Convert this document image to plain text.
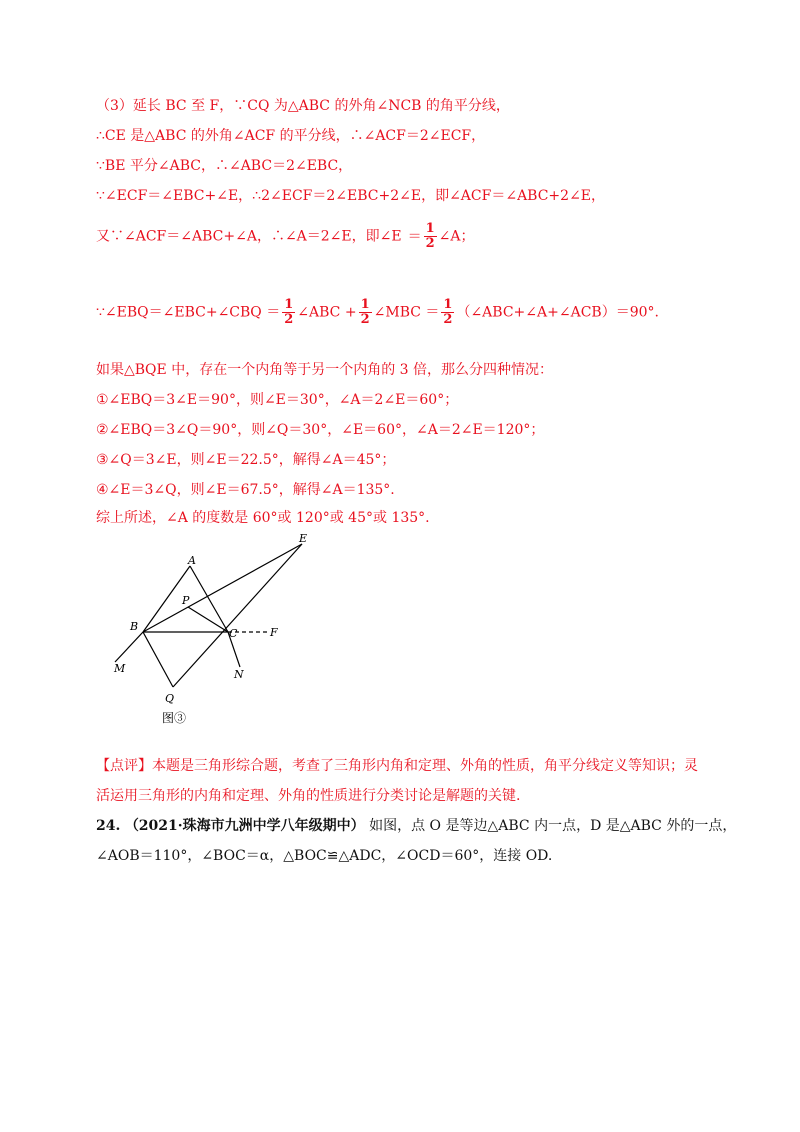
（3）延长 BC 至 F，∵CQ 为△ABC 的外角∠NCB 的角平分线，
∴CE 是△ABC 的外角∠ACF 的平分线，∴∠ACF＝2∠ECF，
∵BE 平分∠ABC，∴∠ABC＝2∠EBC，
∵∠ECF＝∠EBC+∠E，∴2∠ECF＝2∠EBC+2∠E，即∠ACF＝∠ABC+2∠E，
又∵∠ACF＝∠ABC+∠A，∴∠A＝2∠E，即∠E ＝ $\frac{1}{2}$ ∠A；
∵∠EBQ＝∠EBC+∠CBQ ＝ $\frac{1}{2}$ ∠ABC + $\frac{1}{2}$ ∠MBC ＝ $\frac{1}{2}$ （∠ABC+∠A+∠ACB）＝90°.
如果△BQE 中，存在一个内角等于另一个内角的 3 倍，那么分四种情况：
①∠EBQ＝3∠E＝90°，则∠E＝30°，∠A＝2∠E＝60°；
②∠EBQ＝3∠Q＝90°，则∠Q＝30°，∠E＝60°，∠A＝2∠E＝120°；
③∠Q＝3∠E，则∠E＝22.5°，解得∠A＝45°；
④∠E＝3∠Q，则∠E＝67.5°，解得∠A＝135°.
综上所述，∠A 的度数是 60°或 120°或 45°或 135°.
A
E
P
B
C	F
M	N
Q
图③
【点评】本题是三角形综合题，考查了三角形内角和定理、外角的性质，角平分线定义等知识；灵
活运用三角形的内角和定理、外角的性质进行分类讨论是解题的关键.
24. （2021·珠海市九洲中学八年级期中） 如图，点 O 是等边△ABC 内一点，D 是△ABC 外的一点，
∠AOB＝110°，∠BOC＝α，△BOC≌△ADC，∠OCD＝60°，连接 OD.
